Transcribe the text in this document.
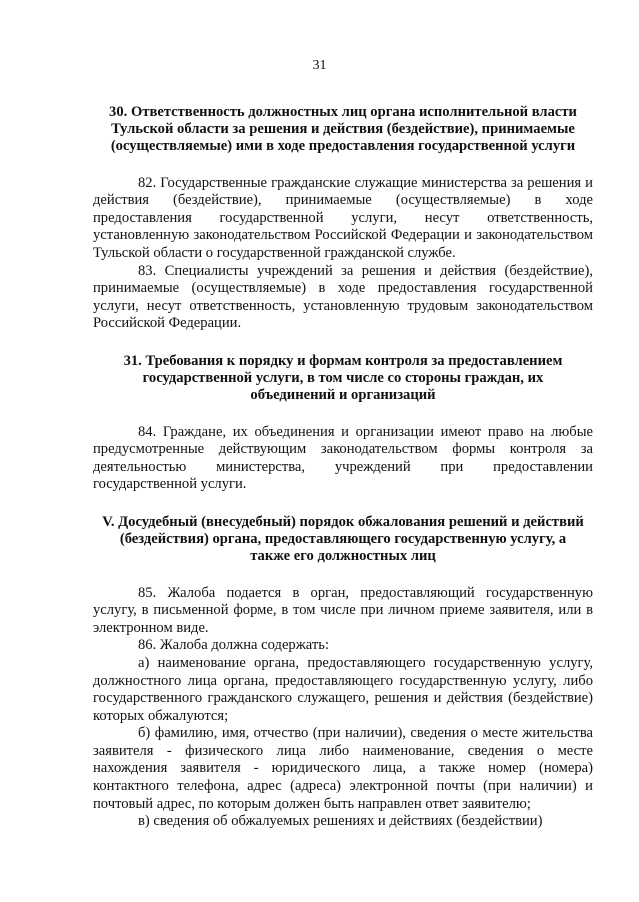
31
30. Ответственность должностных лиц органа исполнительной власти
Тульской области за решения и действия (бездействие), принимаемые
(осуществляемые) ими в ходе предоставления государственной услуги

82. Государственные гражданские служащие министерства за решения и действия (бездействие), принимаемые (осуществляемые) в ходе предоставления государственной услуги, несут ответственность, установленную законодательством Российской Федерации и законодательством Тульской области о государственной гражданской службе.

83. Специалисты учреждений за решения и действия (бездействие), принимаемые (осуществляемые) в ходе предоставления государственной услуги, несут ответственность, установленную трудовым законодательством Российской Федерации.

31. Требования к порядку и формам контроля за предоставлением
государственной услуги, в том числе со стороны граждан, их
объединений и организаций

84. Граждане, их объединения и организации имеют право на любые предусмотренные действующим законодательством формы контроля за деятельностью министерства, учреждений при предоставлении государственной услуги.

V. Досудебный (внесудебный) порядок обжалования решений и действий
(бездействия) органа, предоставляющего государственную услугу, а
также его должностных лиц

85. Жалоба подается в орган, предоставляющий государственную услугу, в письменной форме, в том числе при личном приеме заявителя, или в электронном виде.

86. Жалоба должна содержать:

а) наименование органа, предоставляющего государственную услугу, должностного лица органа, предоставляющего государственную услугу, либо государственного гражданского служащего, решения и действия (бездействие) которых обжалуются;

б) фамилию, имя, отчество (при наличии), сведения о месте жительства заявителя - физического лица либо наименование, сведения о месте нахождения заявителя - юридического лица, а также номер (номера) контактного телефона, адрес (адреса) электронной почты (при наличии) и почтовый адрес, по которым должен быть направлен ответ заявителю;

в) сведения об обжалуемых решениях и действиях (бездействии)
